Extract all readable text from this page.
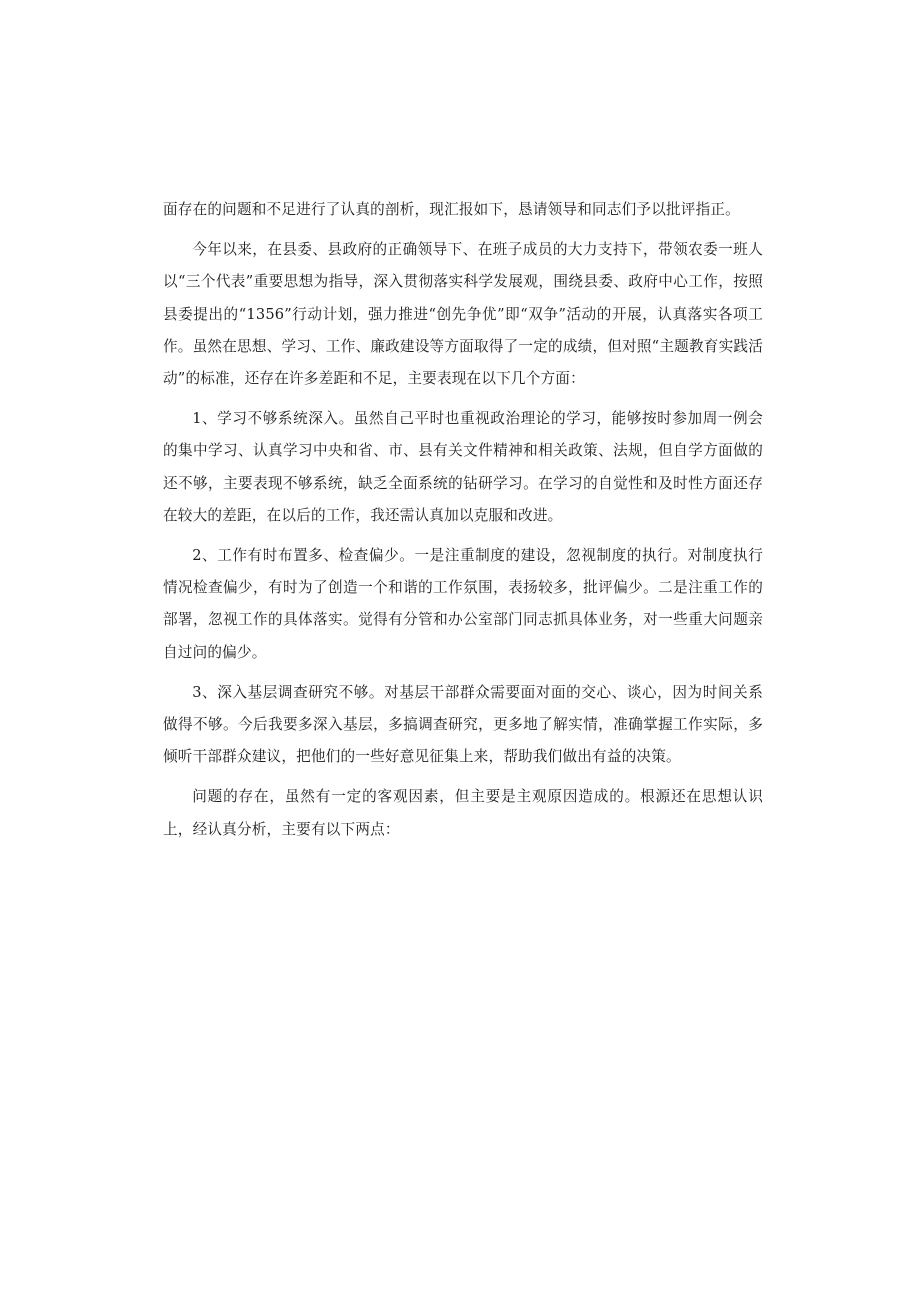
面存在的问题和不足进行了认真的剖析，现汇报如下，恳请领导和同志们予以批评指正。

今年以来，在县委、县政府的正确领导下、在班子成员的大力支持下，带领农委一班人以“三个代表”重要思想为指导，深入贯彻落实科学发展观，围绕县委、政府中心工作，按照县委提出的“1356”行动计划，强力推进“创先争优”即“双争”活动的开展，认真落实各项工作。虽然在思想、学习、工作、廉政建设等方面取得了一定的成绩，但对照“主题教育实践活动”的标准，还存在许多差距和不足，主要表现在以下几个方面：

1、学习不够系统深入。虽然自己平时也重视政治理论的学习，能够按时参加周一例会的集中学习、认真学习中央和省、市、县有关文件精神和相关政策、法规，但自学方面做的还不够，主要表现不够系统，缺乏全面系统的钻研学习。在学习的自觉性和及时性方面还存在较大的差距，在以后的工作，我还需认真加以克服和改进。

2、工作有时布置多、检查偏少。一是注重制度的建设，忽视制度的执行。对制度执行情况检查偏少，有时为了创造一个和谐的工作氛围，表扬较多，批评偏少。二是注重工作的部署，忽视工作的具体落实。觉得有分管和办公室部门同志抓具体业务，对一些重大问题亲自过问的偏少。

3、深入基层调查研究不够。对基层干部群众需要面对面的交心、谈心，因为时间关系做得不够。今后我要多深入基层，多搞调查研究，更多地了解实情，准确掌握工作实际，多倾听干部群众建议，把他们的一些好意见征集上来，帮助我们做出有益的决策。

问题的存在，虽然有一定的客观因素，但主要是主观原因造成的。根源还在思想认识上，经认真分析，主要有以下两点：
